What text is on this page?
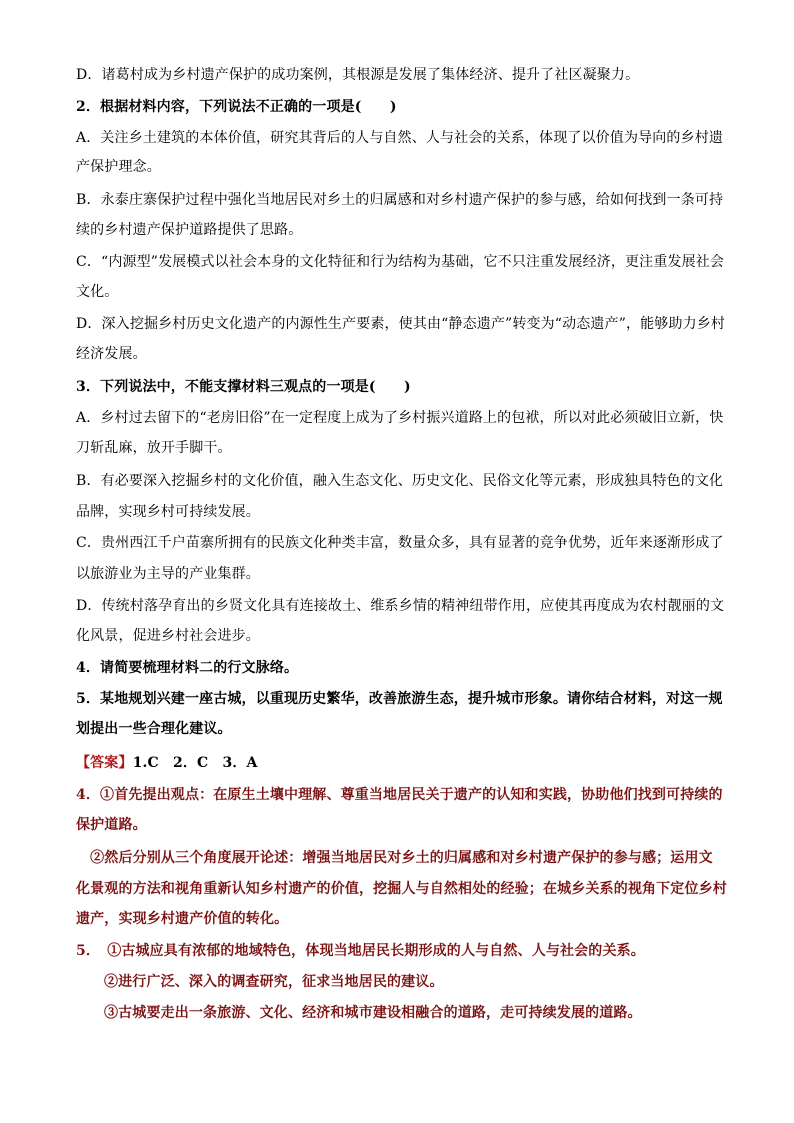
D．诸葛村成为乡村遗产保护的成功案例，其根源是发展了集体经济、提升了社区凝聚力。
2．根据材料内容，下列说法不正确的一项是(　　)
A．关注乡土建筑的本体价值，研究其背后的人与自然、人与社会的关系，体现了以价值为导向的乡村遗
产保护理念。
B．永泰庄寨保护过程中强化当地居民对乡土的归属感和对乡村遗产保护的参与感，给如何找到一条可持
续的乡村遗产保护道路提供了思路。
C．“内源型”发展模式以社会本身的文化特征和行为结构为基础，它不只注重发展经济，更注重发展社会
文化。
D．深入挖掘乡村历史文化遗产的内源性生产要素，使其由“静态遗产”转变为“动态遗产”，能够助力乡村
经济发展。
3．下列说法中，不能支撑材料三观点的一项是(　　)
A．乡村过去留下的“老房旧俗”在一定程度上成为了乡村振兴道路上的包袱，所以对此必须破旧立新，快
刀斩乱麻，放开手脚干。
B．有必要深入挖掘乡村的文化价值，融入生态文化、历史文化、民俗文化等元素，形成独具特色的文化
品牌，实现乡村可持续发展。
C．贵州西江千户苗寨所拥有的民族文化种类丰富，数量众多，具有显著的竞争优势，近年来逐渐形成了
以旅游业为主导的产业集群。
D．传统村落孕育出的乡贤文化具有连接故土、维系乡情的精神纽带作用，应使其再度成为农村靓丽的文
化风景，促进乡村社会进步。
4．请简要梳理材料二的行文脉络。
5．某地规划兴建一座古城，以重现历史繁华，改善旅游生态，提升城市形象。请你结合材料，对这一规
划提出一些合理化建议。
【答案】1.C　2．C　3．A
4．①首先提出观点：在原生土壤中理解、尊重当地居民关于遗产的认知和实践，协助他们找到可持续的
保护道路。
　②然后分别从三个角度展开论述：增强当地居民对乡土的归属感和对乡村遗产保护的参与感；运用文
化景观的方法和视角重新认知乡村遗产的价值，挖掘人与自然相处的经验；在城乡关系的视角下定位乡村
遗产，实现乡村遗产价值的转化。
5．　①古城应具有浓郁的地域特色，体现当地居民长期形成的人与自然、人与社会的关系。
②进行广泛、深入的调查研究，征求当地居民的建议。
③古城要走出一条旅游、文化、经济和城市建设相融合的道路，走可持续发展的道路。
